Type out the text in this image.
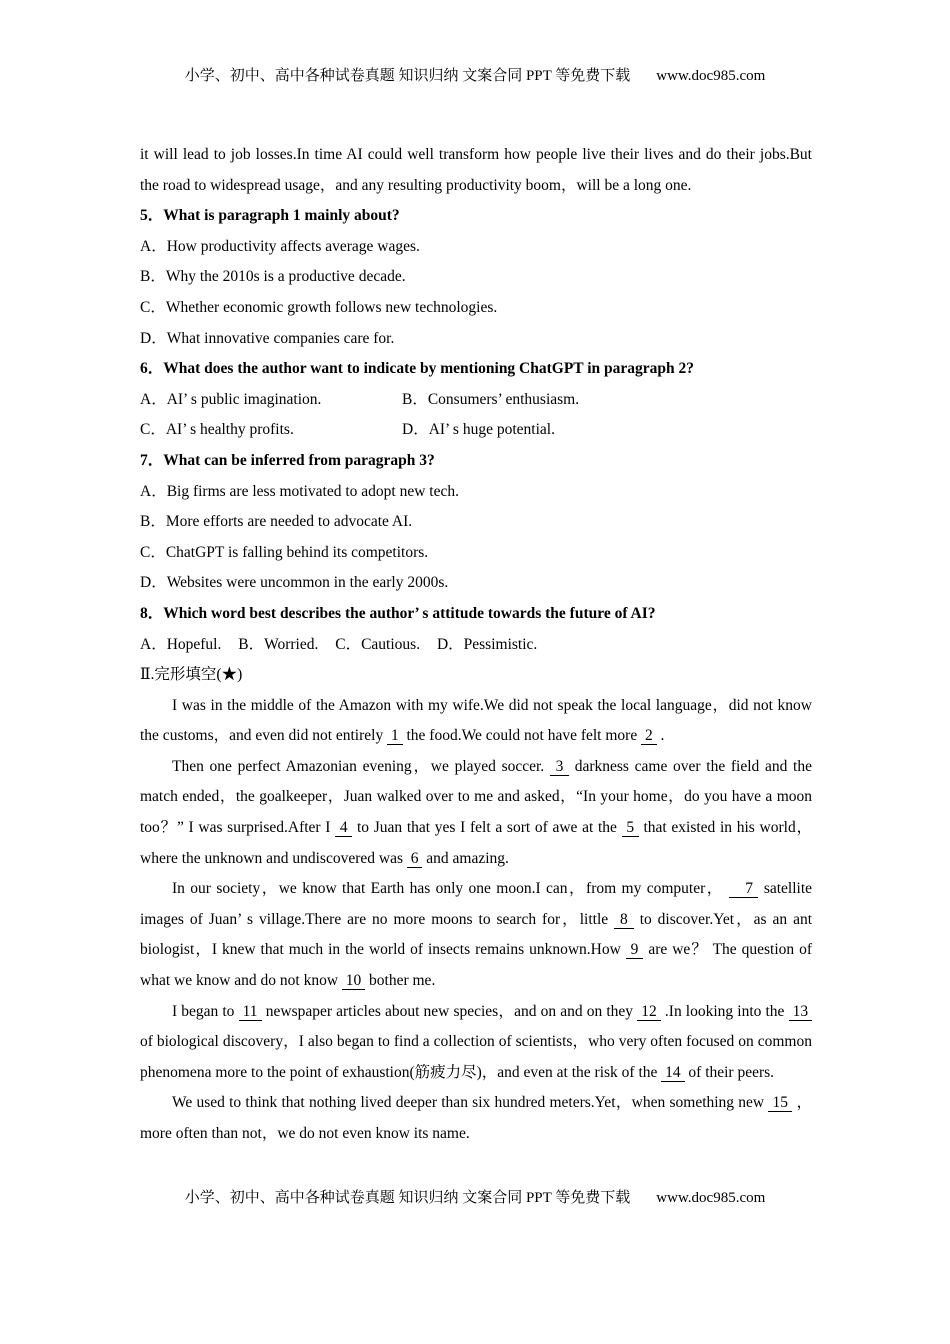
小学、初中、高中各种试卷真题 知识归纳 文案合同 PPT 等免费下载 www.doc985.com

it will lead to job losses.In time AI could well transform how people live their lives and do their jobs.But the road to widespread usage，and any resulting productivity boom，will be a long one.

5．What is paragraph 1 mainly about?

A．How productivity affects average wages.

B．Why the 2010s is a productive decade.

C．Whether economic growth follows new technologies.

D．What innovative companies care for.

6．What does the author want to indicate by mentioning ChatGPT in paragraph 2?

A．AI’ s public imagination.	B．Consumers’ enthusiasm.
C．AI’ s healthy profits.	D．AI’ s huge potential.

7．What can be inferred from paragraph 3?

A．Big firms are less motivated to adopt new tech.

B．More efforts are needed to advocate AI.

C．ChatGPT is falling behind its competitors.

D．Websites were uncommon in the early 2000s.

8．Which word best describes the author’ s attitude towards the future of AI?

A．Hopeful. B．Worried. C．Cautious. D．Pessimistic.

Ⅱ.完形填空(★)

I was in the middle of the Amazon with my wife.We did not speak the local language，did not know the customs，and even did not entirely  1  the food.We could not have felt more  2  .

Then one perfect Amazonian evening，we played soccer.  3  darkness came over the field and the match ended，the goalkeeper，Juan walked over to me and asked，“In your home，do you have a moon too？” I was surprised.After I  4  to Juan that yes I felt a sort of awe at the  5  that existed in his world，where the unknown and undiscovered was  6  and amazing.

In our society，we know that Earth has only one moon.I can，from my computer，    7  satellite images of Juan’ s village.There are no more moons to search for，little  8  to discover.Yet，as an ant biologist，I knew that much in the world of insects remains unknown.How  9  are we？ The question of what we know and do not know  10  bother me.

I began to  11  newspaper articles about new species，and on and on they  12  .In looking into the  13  of biological discovery，I also began to find a collection of scientists，who very often focused on common phenomena more to the point of exhaustion(筋疲力尽)，and even at the risk of the  14  of their peers.

We used to think that nothing lived deeper than six hundred meters.Yet，when something new  15  ，more often than not，we do not even know its name.

小学、初中、高中各种试卷真题 知识归纳 文案合同 PPT 等免费下载 www.doc985.com
